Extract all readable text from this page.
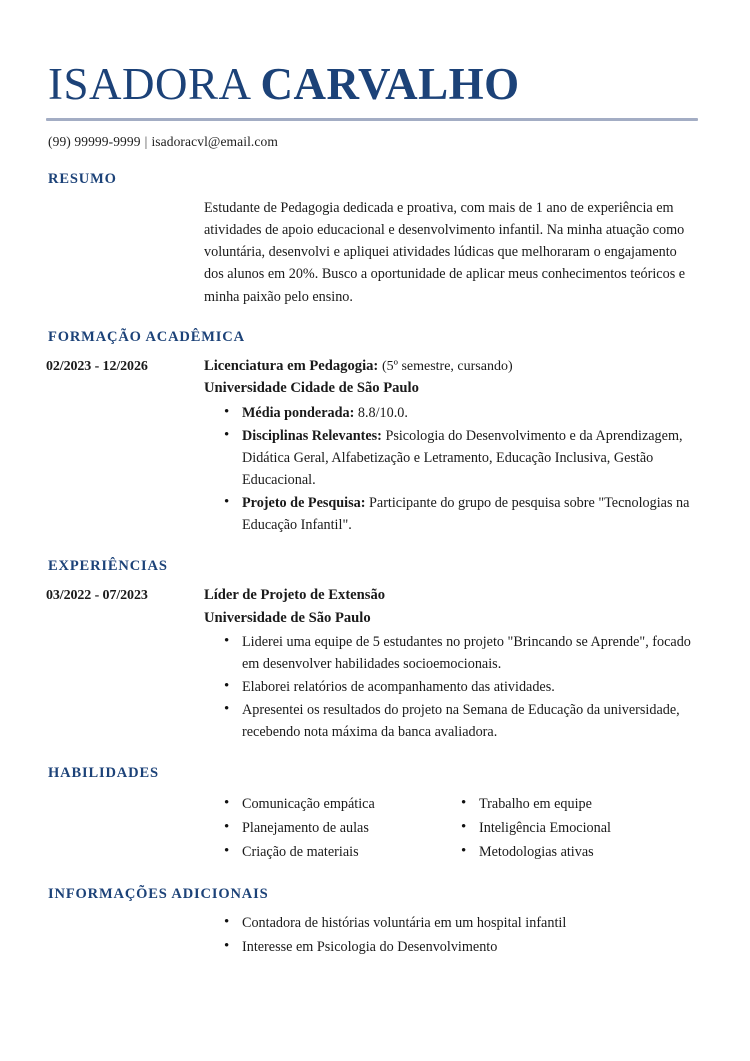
ISADORA CARVALHO
(99) 99999-9999 | isadoracvl@email.com
RESUMO
Estudante de Pedagogia dedicada e proativa, com mais de 1 ano de experiência em atividades de apoio educacional e desenvolvimento infantil. Na minha atuação como voluntária, desenvolvi e apliquei atividades lúdicas que melhoraram o engajamento dos alunos em 20%. Busco a oportunidade de aplicar meus conhecimentos teóricos e minha paixão pelo ensino.
FORMAÇÃO ACADÊMICA
02/2023 - 12/2026	Licenciatura em Pedagogia: (5º semestre, cursando)
Universidade Cidade de São Paulo
• Média ponderada: 8.8/10.0.
• Disciplinas Relevantes: Psicologia do Desenvolvimento e da Aprendizagem, Didática Geral, Alfabetização e Letramento, Educação Inclusiva, Gestão Educacional.
• Projeto de Pesquisa: Participante do grupo de pesquisa sobre "Tecnologias na Educação Infantil".
EXPERIÊNCIAS
03/2022 - 07/2023	Líder de Projeto de Extensão
Universidade de São Paulo
• Liderei uma equipe de 5 estudantes no projeto "Brincando se Aprende", focado em desenvolver habilidades socioemocionais.
• Elaborei relatórios de acompanhamento das atividades.
• Apresentei os resultados do projeto na Semana de Educação da universidade, recebendo nota máxima da banca avaliadora.
HABILIDADES
• Comunicação empática
• Planejamento de aulas
• Criação de materiais
• Trabalho em equipe
• Inteligência Emocional
• Metodologias ativas
INFORMAÇÕES ADICIONAIS
• Contadora de histórias voluntária em um hospital infantil
• Interesse em Psicologia do Desenvolvimento
